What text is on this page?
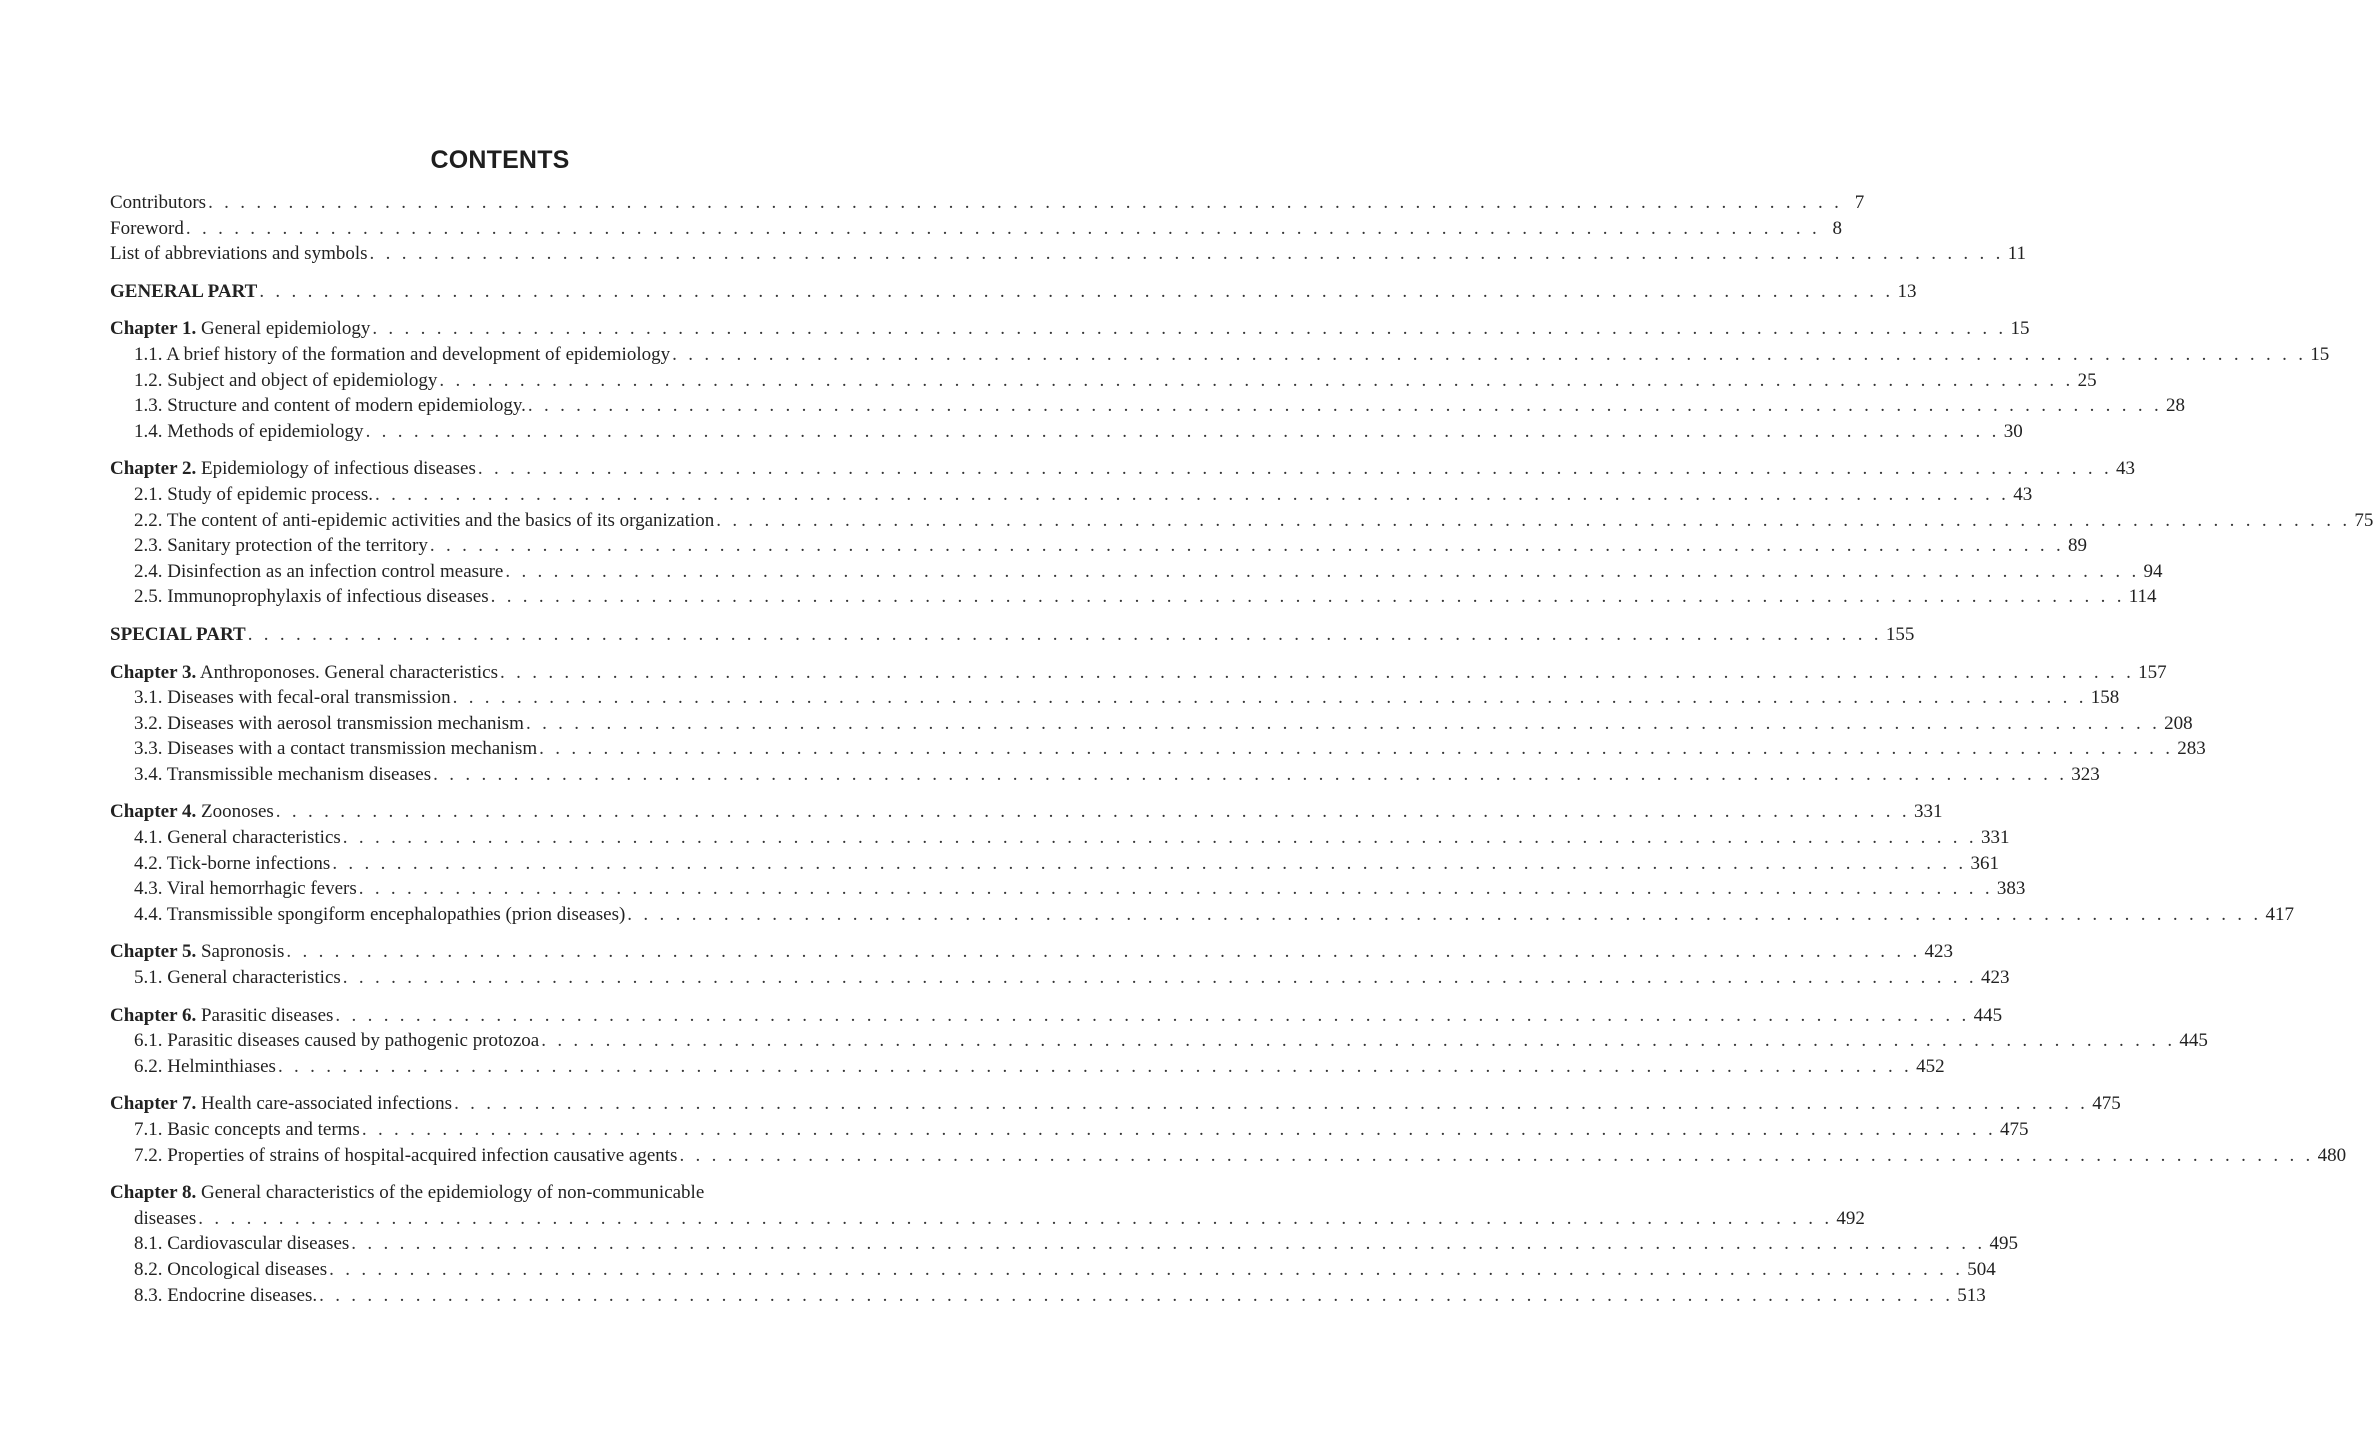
CONTENTS
Contributors . . . . . . . . . . . . . . . . . . . . . . . . . . . . . . . . . . . . . . . . . . . . . . . . . . . . . . . . . . . . . . . . . . . . . . . . . . . . . . . . . . . . . . . . . . . . . . . . . . . . . . 7
Foreword . . . . . . . . . . . . . . . . . . . . . . . . . . . . . . . . . . . . . . . . . . . . . . . . . . . . . . . . . . . . . . . . . . . . . . . . . . . . . . . . . . . . . . . . . . . . . . . . . . . . . . 8
List of abbreviations and symbols . . . . . . . . . . . . . . . . . . . . . . . . . . . . . . . . . . . . . . . . . . . . . . . . . . . . . . . . . . . . . . . . . . . . . . . . . . . . . . . . . . . . . . . . . . . . . . . . . . . . . . 11
GENERAL PART . . . . . . . . . . . . . . . . . . . . . . . . . . . . . . . . . . . . . . . . . . . . . . . . . . . . . . . . . . . . . . . . . . . . . . . . . . . . . . . . . . . . . . . . . . . . . . . . . . . . . . 13
Chapter 1. General epidemiology . . . . . . . . . . . . . . . . . . . . . . . . . . . . . . . . . . . . . . . . . . . . . . . . . . . . . . . . . . . . . . . . . . . . . . . . . . . . . . . . . . . . . . . . . . . . . . . . . . . . . . 15
1.1. A brief history of the formation and development of epidemiology . . . . . . . . . . . . . . . . . . . . . . . . . . . . . . . . . . . . . . . . . . . . . . . . . . . . . . . . . . . . . . . . . . . . . . . . . . . . . . . . . . . . . . . . . . . . . . . . . . . . . . 15
1.2. Subject and object of epidemiology . . . . . . . . . . . . . . . . . . . . . . . . . . . . . . . . . . . . . . . . . . . . . . . . . . . . . . . . . . . . . . . . . . . . . . . . . . . . . . . . . . . . . . . . . . . . . . . . . . . . . . 25
1.3. Structure and content of modern epidemiology. . . . . . . . . . . . . . . . . . . . . . . . . . . . . . . . . . . . . . . . . . . . . . . . . . . . . . . . . . . . . . . . . . . . . . . . . . . . . . . . . . . . . . . . . . . . . . . . . . . . . . . 28
1.4. Methods of epidemiology . . . . . . . . . . . . . . . . . . . . . . . . . . . . . . . . . . . . . . . . . . . . . . . . . . . . . . . . . . . . . . . . . . . . . . . . . . . . . . . . . . . . . . . . . . . . . . . . . . . . . . 30
Chapter 2. Epidemiology of infectious diseases . . . . . . . . . . . . . . . . . . . . . . . . . . . . . . . . . . . . . . . . . . . . . . . . . . . . . . . . . . . . . . . . . . . . . . . . . . . . . . . . . . . . . . . . . . . . . . . . . . . . . . 43
2.1. Study of epidemic process. . . . . . . . . . . . . . . . . . . . . . . . . . . . . . . . . . . . . . . . . . . . . . . . . . . . . . . . . . . . . . . . . . . . . . . . . . . . . . . . . . . . . . . . . . . . . . . . . . . . . . . 43
2.2. The content of anti-epidemic activities and the basics of its organization . . . . . . . . . . . . . . . . . . . . . . . . . . . . . . . . . . . . . . . . . . . . . . . . . . . . . . . . . . . . . . . . . . . . . . . . . . . . . . . . . . . . . . . . . . . . . . . . . . . . . . 75
2.3. Sanitary protection of the territory . . . . . . . . . . . . . . . . . . . . . . . . . . . . . . . . . . . . . . . . . . . . . . . . . . . . . . . . . . . . . . . . . . . . . . . . . . . . . . . . . . . . . . . . . . . . . . . . . . . . . . 89
2.4. Disinfection as an infection control measure . . . . . . . . . . . . . . . . . . . . . . . . . . . . . . . . . . . . . . . . . . . . . . . . . . . . . . . . . . . . . . . . . . . . . . . . . . . . . . . . . . . . . . . . . . . . . . . . . . . . . . 94
2.5. Immunoprophylaxis of infectious diseases . . . . . . . . . . . . . . . . . . . . . . . . . . . . . . . . . . . . . . . . . . . . . . . . . . . . . . . . . . . . . . . . . . . . . . . . . . . . . . . . . . . . . . . . . . . . . . . . . . . . . . 114
SPECIAL PART . . . . . . . . . . . . . . . . . . . . . . . . . . . . . . . . . . . . . . . . . . . . . . . . . . . . . . . . . . . . . . . . . . . . . . . . . . . . . . . . . . . . . . . . . . . . . . . . . . . . . . 155
Chapter 3. Anthroponoses. General characteristics . . . . . . . . . . . . . . . . . . . . . . . . . . . . . . . . . . . . . . . . . . . . . . . . . . . . . . . . . . . . . . . . . . . . . . . . . . . . . . . . . . . . . . . . . . . . . . . . . . . . . . 157
3.1. Diseases with fecal-oral transmission . . . . . . . . . . . . . . . . . . . . . . . . . . . . . . . . . . . . . . . . . . . . . . . . . . . . . . . . . . . . . . . . . . . . . . . . . . . . . . . . . . . . . . . . . . . . . . . . . . . . . . 158
3.2. Diseases with aerosol transmission mechanism . . . . . . . . . . . . . . . . . . . . . . . . . . . . . . . . . . . . . . . . . . . . . . . . . . . . . . . . . . . . . . . . . . . . . . . . . . . . . . . . . . . . . . . . . . . . . . . . . . . . . . 208
3.3. Diseases with a contact transmission mechanism . . . . . . . . . . . . . . . . . . . . . . . . . . . . . . . . . . . . . . . . . . . . . . . . . . . . . . . . . . . . . . . . . . . . . . . . . . . . . . . . . . . . . . . . . . . . . . . . . . . . . . 283
3.4. Transmissible mechanism diseases . . . . . . . . . . . . . . . . . . . . . . . . . . . . . . . . . . . . . . . . . . . . . . . . . . . . . . . . . . . . . . . . . . . . . . . . . . . . . . . . . . . . . . . . . . . . . . . . . . . . . . 323
Chapter 4. Zoonoses . . . . . . . . . . . . . . . . . . . . . . . . . . . . . . . . . . . . . . . . . . . . . . . . . . . . . . . . . . . . . . . . . . . . . . . . . . . . . . . . . . . . . . . . . . . . . . . . . . . . . . 331
4.1. General characteristics . . . . . . . . . . . . . . . . . . . . . . . . . . . . . . . . . . . . . . . . . . . . . . . . . . . . . . . . . . . . . . . . . . . . . . . . . . . . . . . . . . . . . . . . . . . . . . . . . . . . . . 331
4.2. Tick-borne infections . . . . . . . . . . . . . . . . . . . . . . . . . . . . . . . . . . . . . . . . . . . . . . . . . . . . . . . . . . . . . . . . . . . . . . . . . . . . . . . . . . . . . . . . . . . . . . . . . . . . . . 361
4.3. Viral hemorrhagic fevers . . . . . . . . . . . . . . . . . . . . . . . . . . . . . . . . . . . . . . . . . . . . . . . . . . . . . . . . . . . . . . . . . . . . . . . . . . . . . . . . . . . . . . . . . . . . . . . . . . . . . . 383
4.4. Transmissible spongiform encephalopathies (prion diseases) . . . . . . . . . . . . . . . . . . . . . . . . . . . . . . . . . . . . . . . . . . . . . . . . . . . . . . . . . . . . . . . . . . . . . . . . . . . . . . . . . . . . . . . . . . . . . . . . . . . . . . 417
Chapter 5. Sapronosis . . . . . . . . . . . . . . . . . . . . . . . . . . . . . . . . . . . . . . . . . . . . . . . . . . . . . . . . . . . . . . . . . . . . . . . . . . . . . . . . . . . . . . . . . . . . . . . . . . . . . . 423
5.1. General characteristics . . . . . . . . . . . . . . . . . . . . . . . . . . . . . . . . . . . . . . . . . . . . . . . . . . . . . . . . . . . . . . . . . . . . . . . . . . . . . . . . . . . . . . . . . . . . . . . . . . . . . . 423
Chapter 6. Parasitic diseases . . . . . . . . . . . . . . . . . . . . . . . . . . . . . . . . . . . . . . . . . . . . . . . . . . . . . . . . . . . . . . . . . . . . . . . . . . . . . . . . . . . . . . . . . . . . . . . . . . . . . . 445
6.1. Parasitic diseases caused by pathogenic protozoa . . . . . . . . . . . . . . . . . . . . . . . . . . . . . . . . . . . . . . . . . . . . . . . . . . . . . . . . . . . . . . . . . . . . . . . . . . . . . . . . . . . . . . . . . . . . . . . . . . . . . . 445
6.2. Helminthiases . . . . . . . . . . . . . . . . . . . . . . . . . . . . . . . . . . . . . . . . . . . . . . . . . . . . . . . . . . . . . . . . . . . . . . . . . . . . . . . . . . . . . . . . . . . . . . . . . . . . . . 452
Chapter 7. Health care-associated infections . . . . . . . . . . . . . . . . . . . . . . . . . . . . . . . . . . . . . . . . . . . . . . . . . . . . . . . . . . . . . . . . . . . . . . . . . . . . . . . . . . . . . . . . . . . . . . . . . . . . . . 475
7.1. Basic concepts and terms . . . . . . . . . . . . . . . . . . . . . . . . . . . . . . . . . . . . . . . . . . . . . . . . . . . . . . . . . . . . . . . . . . . . . . . . . . . . . . . . . . . . . . . . . . . . . . . . . . . . . . 475
7.2. Properties of strains of hospital-acquired infection causative agents . . . . . . . . . . . . . . . . . . . . . . . . . . . . . . . . . . . . . . . . . . . . . . . . . . . . . . . . . . . . . . . . . . . . . . . . . . . . . . . . . . . . . . . . . . . . . . . . . . . . . . 480
Chapter 8. General characteristics of the epidemiology of non-communicable
diseases . . . . . . . . . . . . . . . . . . . . . . . . . . . . . . . . . . . . . . . . . . . . . . . . . . . . . . . . . . . . . . . . . . . . . . . . . . . . . . . . . . . . . . . . . . . . . . . . . . . . . . 492
8.1. Cardiovascular diseases . . . . . . . . . . . . . . . . . . . . . . . . . . . . . . . . . . . . . . . . . . . . . . . . . . . . . . . . . . . . . . . . . . . . . . . . . . . . . . . . . . . . . . . . . . . . . . . . . . . . . . 495
8.2. Oncological diseases . . . . . . . . . . . . . . . . . . . . . . . . . . . . . . . . . . . . . . . . . . . . . . . . . . . . . . . . . . . . . . . . . . . . . . . . . . . . . . . . . . . . . . . . . . . . . . . . . . . . . . 504
8.3. Endocrine diseases. . . . . . . . . . . . . . . . . . . . . . . . . . . . . . . . . . . . . . . . . . . . . . . . . . . . . . . . . . . . . . . . . . . . . . . . . . . . . . . . . . . . . . . . . . . . . . . . . . . . . . . 513
